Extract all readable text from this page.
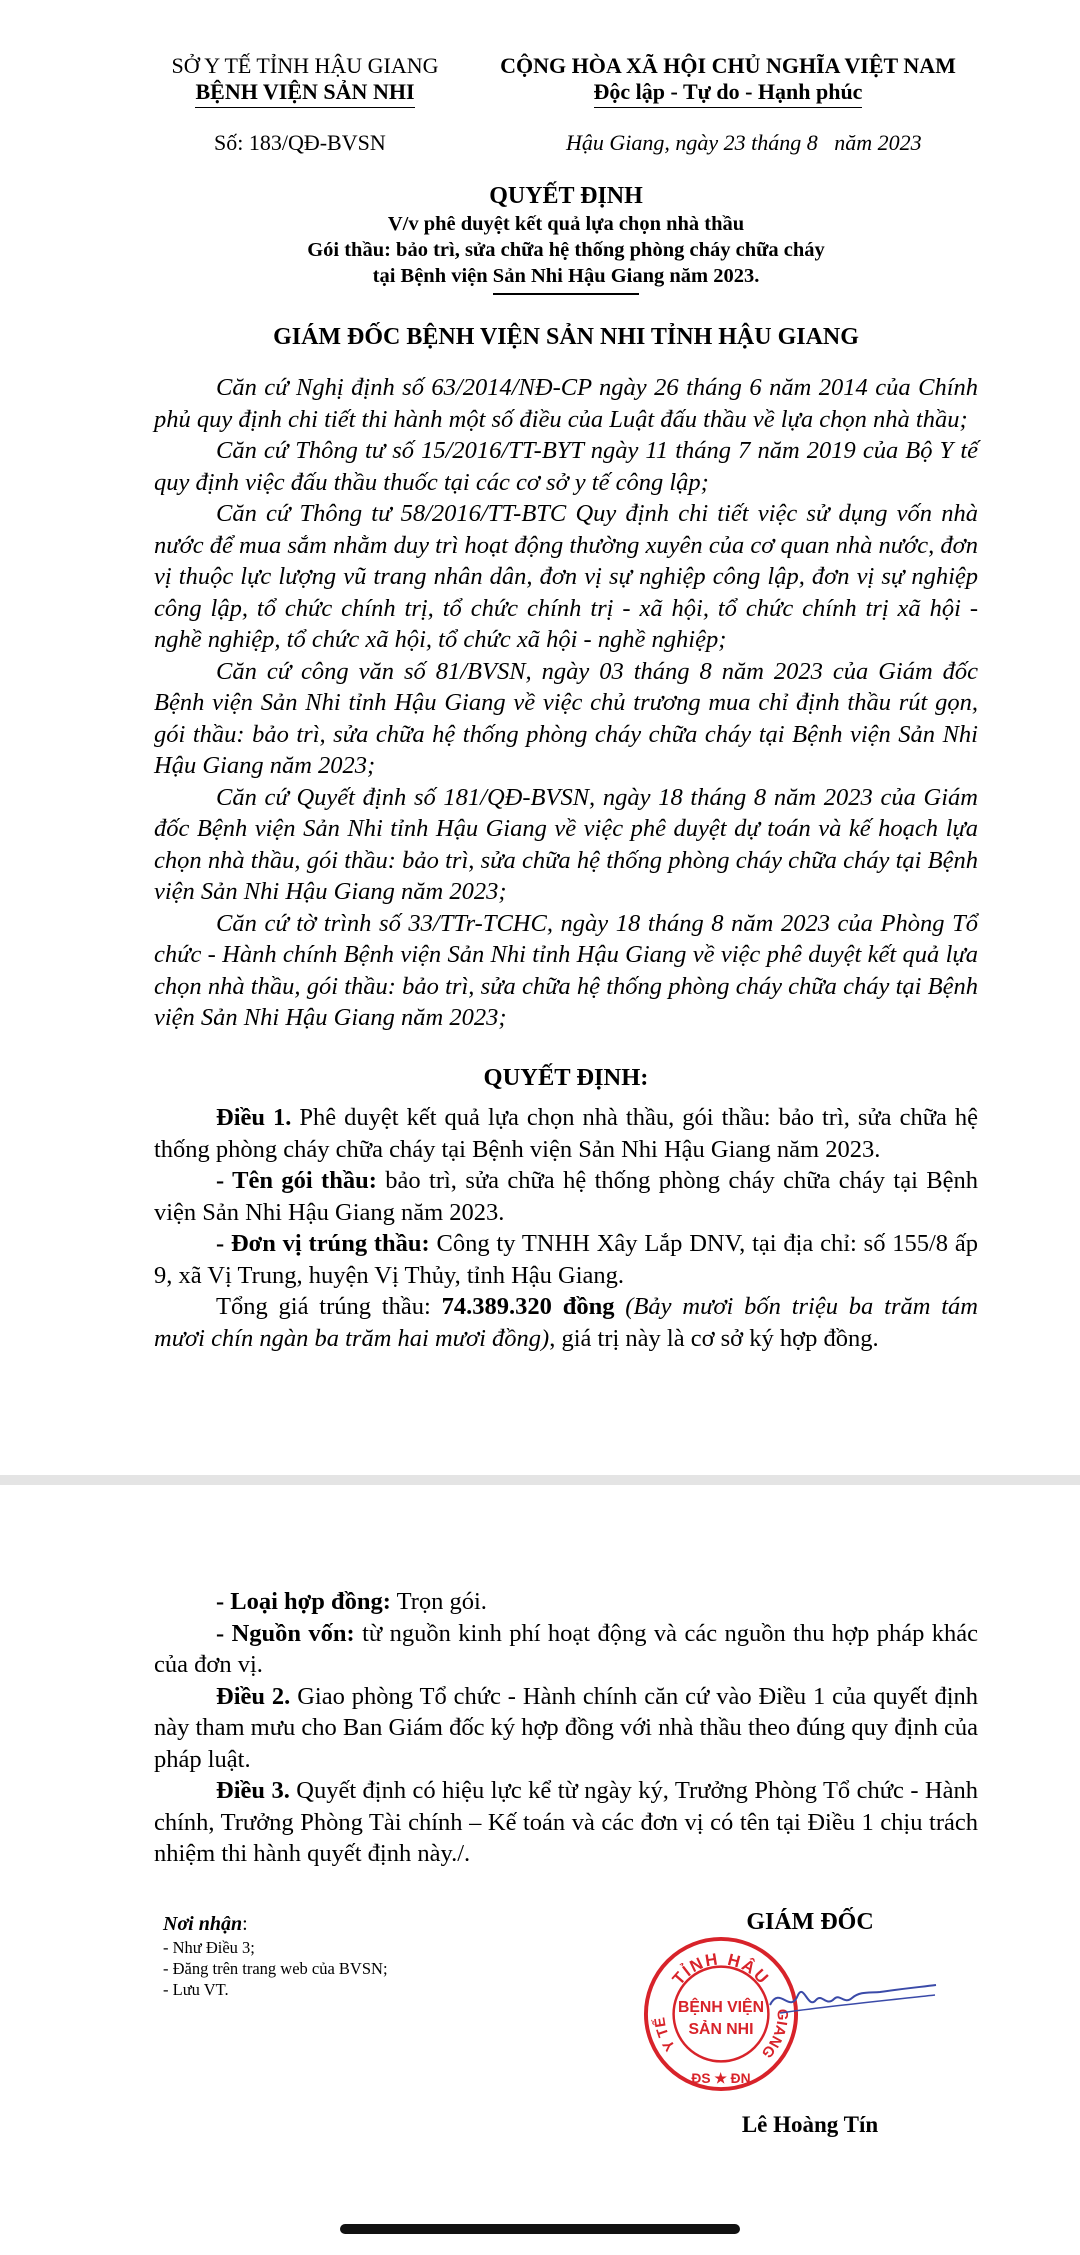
SỞ Y TẾ TỈNH HẬU GIANG
BỆNH VIỆN SẢN NHI
CỘNG HÒA XÃ HỘI CHỦ NGHĨA VIỆT NAM
Độc lập - Tự do - Hạnh phúc
Số: 183/QĐ-BVSN	Hậu Giang, ngày 23 tháng 8   năm 2023
QUYẾT ĐỊNH
V/v phê duyệt kết quả lựa chọn nhà thầu
Gói thầu: bảo trì, sửa chữa hệ thống phòng cháy chữa cháy
tại Bệnh viện Sản Nhi Hậu Giang năm 2023.
GIÁM ĐỐC BỆNH VIỆN SẢN NHI TỈNH HẬU GIANG

Căn cứ Nghị định số 63/2014/NĐ-CP ngày 26 tháng 6 năm 2014 của Chính phủ quy định chi tiết thi hành một số điều của Luật đấu thầu về lựa chọn nhà thầu;

Căn cứ Thông tư số 15/2016/TT-BYT ngày 11 tháng 7 năm 2019 của Bộ Y tế quy định việc đấu thầu thuốc tại các cơ sở y tế công lập;

Căn cứ Thông tư 58/2016/TT-BTC Quy định chi tiết việc sử dụng vốn nhà nước để mua sắm nhằm duy trì hoạt động thường xuyên của cơ quan nhà nước, đơn vị thuộc lực lượng vũ trang nhân dân, đơn vị sự nghiệp công lập, đơn vị sự nghiệp công lập, tổ chức chính trị, tổ chức chính trị - xã hội, tổ chức chính trị xã hội - nghề nghiệp, tổ chức xã hội, tổ chức xã hội - nghề nghiệp;

Căn cứ công văn số 81/BVSN, ngày 03 tháng 8 năm 2023 của Giám đốc Bệnh viện Sản Nhi tỉnh Hậu Giang về việc chủ trương mua chỉ định thầu rút gọn, gói thầu: bảo trì, sửa chữa hệ thống phòng cháy chữa cháy tại Bệnh viện Sản Nhi Hậu Giang năm 2023;

Căn cứ Quyết định số 181/QĐ-BVSN, ngày 18 tháng 8 năm 2023 của Giám đốc Bệnh viện Sản Nhi tỉnh Hậu Giang về việc phê duyệt dự toán và kế hoạch lựa chọn nhà thầu, gói thầu: bảo trì, sửa chữa hệ thống phòng cháy chữa cháy tại Bệnh viện Sản Nhi Hậu Giang năm 2023;

Căn cứ tờ trình số 33/TTr-TCHC, ngày 18 tháng 8 năm 2023 của Phòng Tổ chức - Hành chính Bệnh viện Sản Nhi tỉnh Hậu Giang về việc phê duyệt kết quả lựa chọn nhà thầu, gói thầu: bảo trì, sửa chữa hệ thống phòng cháy chữa cháy tại Bệnh viện Sản Nhi Hậu Giang năm 2023;

QUYẾT ĐỊNH:

Điều 1. Phê duyệt kết quả lựa chọn nhà thầu, gói thầu: bảo trì, sửa chữa hệ thống phòng cháy chữa cháy tại Bệnh viện Sản Nhi Hậu Giang năm 2023.

- Tên gói thầu: bảo trì, sửa chữa hệ thống phòng cháy chữa cháy tại Bệnh viện Sản Nhi Hậu Giang năm 2023.

- Đơn vị trúng thầu: Công ty TNHH Xây Lắp DNV, tại địa chỉ: số 155/8 ấp 9, xã Vị Trung, huyện Vị Thủy, tỉnh Hậu Giang.

Tổng giá trúng thầu: 74.389.320 đồng (Bảy mươi bốn triệu ba trăm tám mươi chín ngàn ba trăm hai mươi đồng), giá trị này là cơ sở ký hợp đồng.

- Loại hợp đồng: Trọn gói.

- Nguồn vốn: từ nguồn kinh phí hoạt động và các nguồn thu hợp pháp khác của đơn vị.

Điều 2. Giao phòng Tổ chức - Hành chính căn cứ vào Điều 1 của quyết định này tham mưu cho Ban Giám đốc ký hợp đồng với nhà thầu theo đúng quy định của pháp luật.

Điều 3. Quyết định có hiệu lực kể từ ngày ký, Trưởng Phòng Tổ chức - Hành chính, Trưởng Phòng Tài chính – Kế toán và các đơn vị có tên tại Điều 1 chịu trách nhiệm thi hành quyết định này./.

Nơi nhận:
- Như Điều 3;
- Đăng trên trang web của BVSN;
- Lưu VT.
GIÁM ĐỐC
Lê Hoàng Tín
TỈNH HẬU
Y TẾ
GIANG
ĐS ★ ĐN
BỆNH VIỆN
SẢN NHI
